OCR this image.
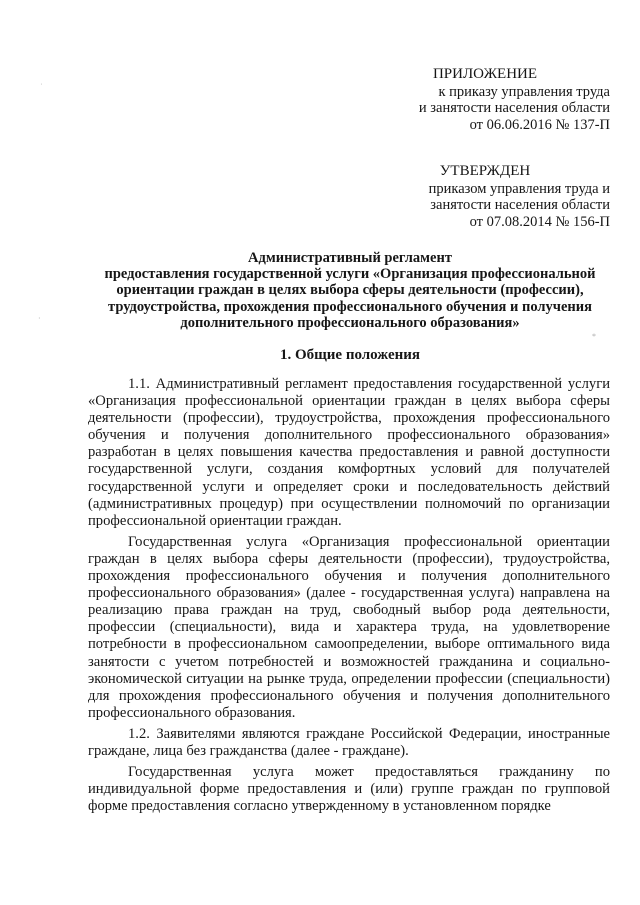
˙
·
*
ПРИЛОЖЕНИЕ
к приказу управления труда
и занятости населения области
от 06.06.2016 № 137-П
УТВЕРЖДЕН
приказом управления труда и
занятости населения области
от 07.08.2014 № 156-П
Административный регламент
предоставления государственной услуги «Организация профессиональной
ориентации граждан в целях выбора сферы деятельности (профессии),
трудоустройства, прохождения профессионального обучения и получения
дополнительного профессионального образования»
1. Общие положения

1.1. Административный регламент предоставления государственной услуги «Организация профессиональной ориентации граждан в целях выбора сферы деятельности (профессии), трудоустройства, прохождения профессионального обучения и получения дополнительного профессионального образования» разработан в целях повышения качества предоставления и равной доступности государственной услуги, создания комфортных условий для получателей государственной услуги и определяет сроки и последовательность действий (административных процедур) при осуществлении полномочий по организации профессиональной ориентации граждан.

Государственная услуга «Организация профессиональной ориентации граждан в целях выбора сферы деятельности (профессии), трудоустройства, прохождения профессионального обучения и получения дополнительного профессионального образования» (далее - государственная услуга) направлена на реализацию права граждан на труд, свободный выбор рода деятельности, профессии (специальности), вида и характера труда, на удовлетворение потребности в профессиональном самоопределении, выборе оптимального вида занятости с учетом потребностей и возможностей гражданина и социально-экономической ситуации на рынке труда, определении профессии (специальности) для прохождения профессионального обучения и получения дополнительного профессионального образования.

1.2. Заявителями являются граждане Российской Федерации, иностранные граждане, лица без гражданства (далее - граждане).

Государственная услуга может предоставляться гражданину по индивидуальной форме предоставления и (или) группе граждан по групповой форме предоставления согласно утвержденному в установленном порядке
